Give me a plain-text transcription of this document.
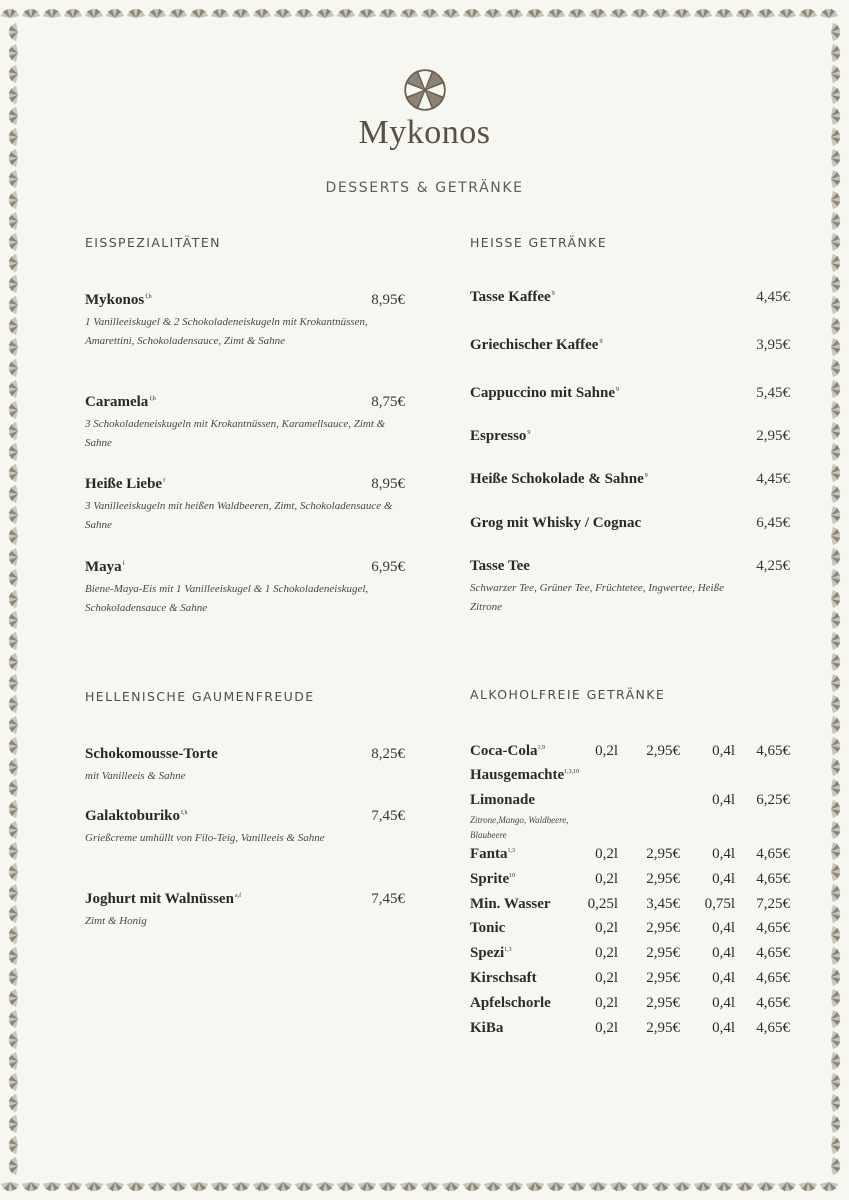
Mykonos
DESSERTS & GETRÄNKE
EISSPEZIALITÄTEN	HEISSE GETRÄNKE
HELLENISCHE GAUMENFREUDE	ALKOHOLFREIE GETRÄNKE
Mykonos$^{f,h}$	8,95€
1 Vanilleeiskugel & 2 Schokoladeneiskugeln mit Krokantnüssen, Amarettini, Schokoladensauce, Zimt & Sahne
Caramela$^{f,h}$	8,75€
3 Schokoladeneiskugeln mit Krokantnüssen, Karamellsauce, Zimt & Sahne
Heiße Liebe$^f$	8,95€
3 Vanilleeiskugeln mit heißen Waldbeeren, Zimt, Schokoladensauce & Sahne
Maya$^f$	6,95€
Biene-Maya-Eis mit 1 Vanilleeiskugel & 1 Schokoladeneiskugel, Schokoladensauce & Sahne
Schokomousse-Torte	8,25€
mit Vanilleeis & Sahne
Galaktoburiko$^{f,h}$	7,45€
Grießcreme umhüllt von Filo-Teig, Vanilleeis & Sahne
Joghurt mit Walnüssen$^{a,f}$	7,45€
Zimt & Honig
Tasse Kaffee$^9$	4,45€
Griechischer Kaffee$^9$	3,95€
Cappuccino mit Sahne$^9$	5,45€
Espresso$^9$	2,95€
Heiße Schokolade & Sahne$^9$	4,45€
Grog mit Whisky / Cognac	6,45€
Tasse Tee	4,25€
Schwarzer Tee, Grüner Tee, Früchtetee, Ingwertee, Heiße Zitrone
Coca-Cola$^{1,9}$	0,2l 2,95€ 0,4l 4,65€
Hausgemachte$^{1,3,10}$
Limonade	0,4l 6,25€
Fanta$^{1,3}$	0,2l 2,95€ 0,4l 4,65€
Sprite$^{10}$	0,2l 2,95€ 0,4l 4,65€
Min. Wasser 0,25l 3,45€ 0,75l 7,25€
Tonic	0,2l 2,95€ 0,4l 4,65€
Spezi$^{1,3}$	0,2l 2,95€ 0,4l 4,65€
Kirschsaft	0,2l 2,95€ 0,4l 4,65€
Apfelschorle	0,2l 2,95€ 0,4l 4,65€
KiBa	0,2l 2,95€ 0,4l 4,65€
Zitrone,Mango, Waldbeere, Blaubeere
